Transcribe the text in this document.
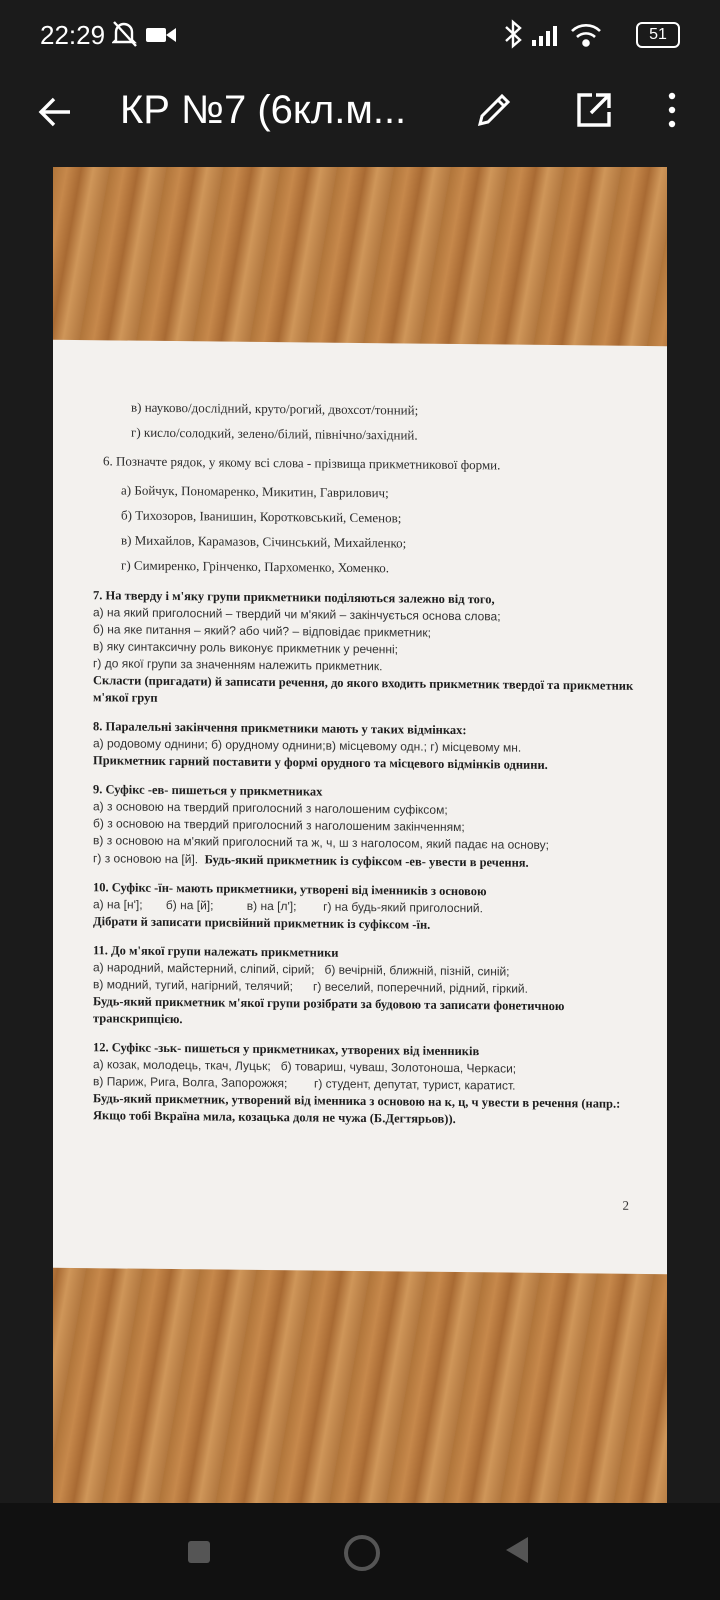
22:29	51
КР №7 (6кл.м...
в) науково/дослідний, круто/рогий, двохсот/тонний;
г) кисло/солодкий, зелено/білий, північно/західний.
6. Позначте рядок, у якому всі слова - прізвища прикметникової форми.
а) Бойчук, Пономаренко, Микитин, Гаврилович;
б) Тихозоров, Іванишин, Коротковський, Семенов;
в) Михайлов, Карамазов, Січинський, Михайленко;
г) Симиренко, Грінченко, Пархоменко, Хоменко.
7. На тверду і м'яку групи прикметники поділяються залежно від того,
а) на який приголосний – твердий чи м'який – закінчується основа слова;
б) на яке питання – який? або чий? – відповідає прикметник;
в) яку синтаксичну роль виконує прикметник у реченні;
г) до якої групи за значенням належить прикметник.
Скласти (пригадати) й записати речення, до якого входить прикметник твердої та прикметник м'якої груп
8. Паралельні закінчення прикметники мають у таких відмінках:
а) родовому однини; б) орудному однини;в) місцевому одн.; г) місцевому мн.
Прикметник гарний поставити у формі орудного та місцевого відмінків однини.
9. Суфікс -ев- пишеться у прикметниках
а) з основою на твердий приголосний з наголошеним суфіксом;
б) з основою на твердий приголосний з наголошеним закінченням;
в) з основою на м'який приголосний та ж, ч, ш з наголосом, який падає на основу;
г) з основою на [й]. Будь-який прикметник із суфіксом -ев- увести в речення.
10. Суфікс -їн- мають прикметники, утворені від іменників з основою
а) на [н'];       б) на [й];          в) на [л'];        г) на будь-який приголосний.
Дібрати й записати присвійний прикметник із суфіксом -їн.
11. До м'якої групи належать прикметники
а) народний, майстерний, сліпий, сірий;   б) вечірній, ближній, пізній, синій;
в) модний, тугий, нагірний, телячий;      г) веселий, поперечний, рідний, гіркий.
Будь-який прикметник м'якої групи розібрати за будовою та записати фонетичною транскрипцією.
12. Суфікс -зьк- пишеться у прикметниках, утворених від іменників
а) козак, молодець, ткач, Луцьк;   б) товариш, чуваш, Золотоноша, Черкаси;
в) Париж, Рига, Волга, Запорожжя;        г) студент, депутат, турист, каратист.
Будь-який прикметник, утворений від іменника з основою на к, ц, ч увести в речення (напр.: Якщо тобі Вкраїна мила, козацька доля не чужа (Б.Дегтярьов)).
2
